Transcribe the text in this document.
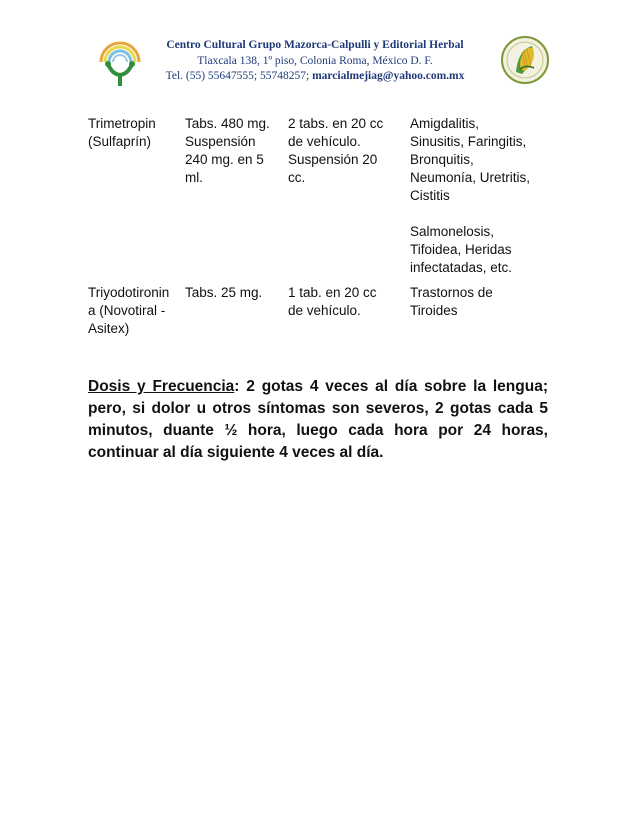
Centro Cultural Grupo Mazorca-Calpulli y Editorial Herbal
Tlaxcala 138, 1º piso, Colonia Roma, México D. F.
Tel. (55) 55647555; 55748257; marcialmejiag@yahoo.com.mx
Trimetropin
(Sulfaprín)
Tabs. 480 mg.
Suspensión
240 mg. en 5
ml.
2 tabs. en 20 cc
de vehículo.
Suspensión 20
cc.
Amigdalitis,
Sinusitis, Faringitis,
Bronquitis,
Neumonía, Uretritis,
Cistitis
Salmonelosis,
Tifoidea, Heridas
infectatadas, etc.
Triyodotironin
a (Novotiral -
Asitex)
Tabs. 25 mg.	1 tab. en 20 cc
de vehículo.
Trastornos de
Tiroides
Dosis y Frecuencia: 2 gotas 4 veces al día sobre la lengua; pero, si dolor u otros síntomas son severos, 2 gotas cada 5 minutos, duante ½ hora, luego cada hora por 24 horas, continuar al día siguiente 4 veces al día.
